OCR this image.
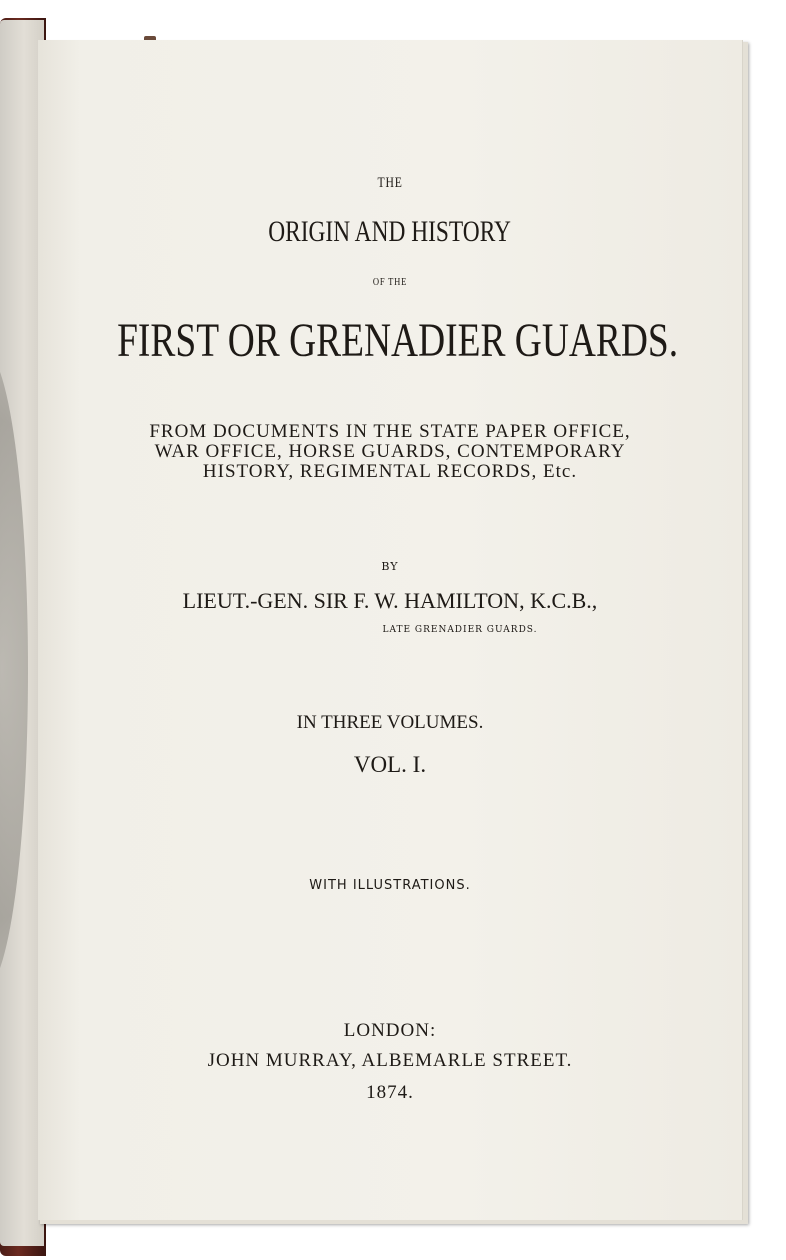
THE
ORIGIN AND HISTORY
OF THE
FIRST OR GRENADIER GUARDS.
FROM DOCUMENTS IN THE STATE PAPER OFFICE,
WAR OFFICE, HORSE GUARDS, CONTEMPORARY
HISTORY, REGIMENTAL RECORDS, Etc.
BY
LIEUT.-GEN. SIR F. W. HAMILTON, K.C.B.,
LATE GRENADIER GUARDS.
IN THREE VOLUMES.
VOL. I.
WITH ILLUSTRATIONS.
LONDON:
JOHN MURRAY, ALBEMARLE STREET.
1874.
